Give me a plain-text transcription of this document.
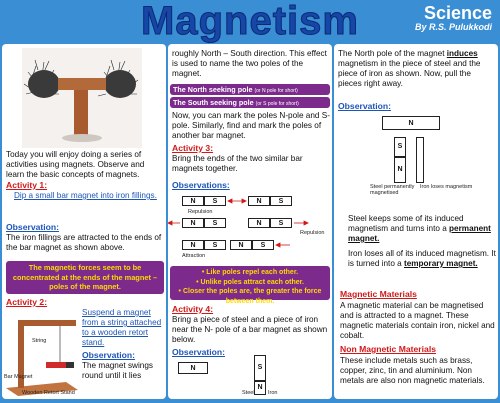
Magnetism	Science
By R.S. Pulukkodi
Today you will enjoy doing a series of activities using magnets. Observe and learn the basic concepts of magnets.
Activity 1:
Dip a small bar magnet into iron fillings.
Observation:
The iron fillings are attracted to the ends of the bar magnet as shown above.
The magnetic forces seem to be concentrated at the ends of the magnet – poles of the magnet.
Activity 2:
String
Bar Magnet
Wooden Retort Stand
Suspend a magnet from a string attached to a wooden retort stand.
Observation:
The magnet swings round until it lies
roughly North – South direction. This effect is used to name the two poles of the magnet.
The North seeking pole (or N pole for short)
The South seeking pole (or S pole for short)
Now, you can mark the poles N-pole and S-pole. Similarly, find and mark the poles of another bar magnet.
Activity 3:
Bring the ends of the two similar bar magnets together.
Observations:
N	S	N	S
Repulsion
N	S	N	S
Repulsion
N	S	N	S
Attraction
• Like poles repel each other.
• Unlike poles attract each other.
• Closer the poles are, the greater the force between them.
Activity 4:
Bring a piece of steel and a piece of iron near the N- pole of a bar magnet as shown below.
Observation:
N	S
N
Steel Iron
The North pole of the magnet induces magnetism in the piece of steel and the piece of iron as shown. Now, pull the pieces right away.
Observation:
N
S
N
Steel permanently magnetised
Iron loses magnetism
Steel keeps some of its induced magnetism and turns into a permanent magnet.
Iron loses all of its induced magnetism. It is turned into a temporary magnet.
Magnetic Materials
A magnetic material can be magnetised and is attracted to a magnet. These magnetic materials contain iron, nickel and cobalt.
Non Magnetic Materials
These include metals such as brass, copper, zinc, tin and aluminium. Non metals are also non magnetic materials.
